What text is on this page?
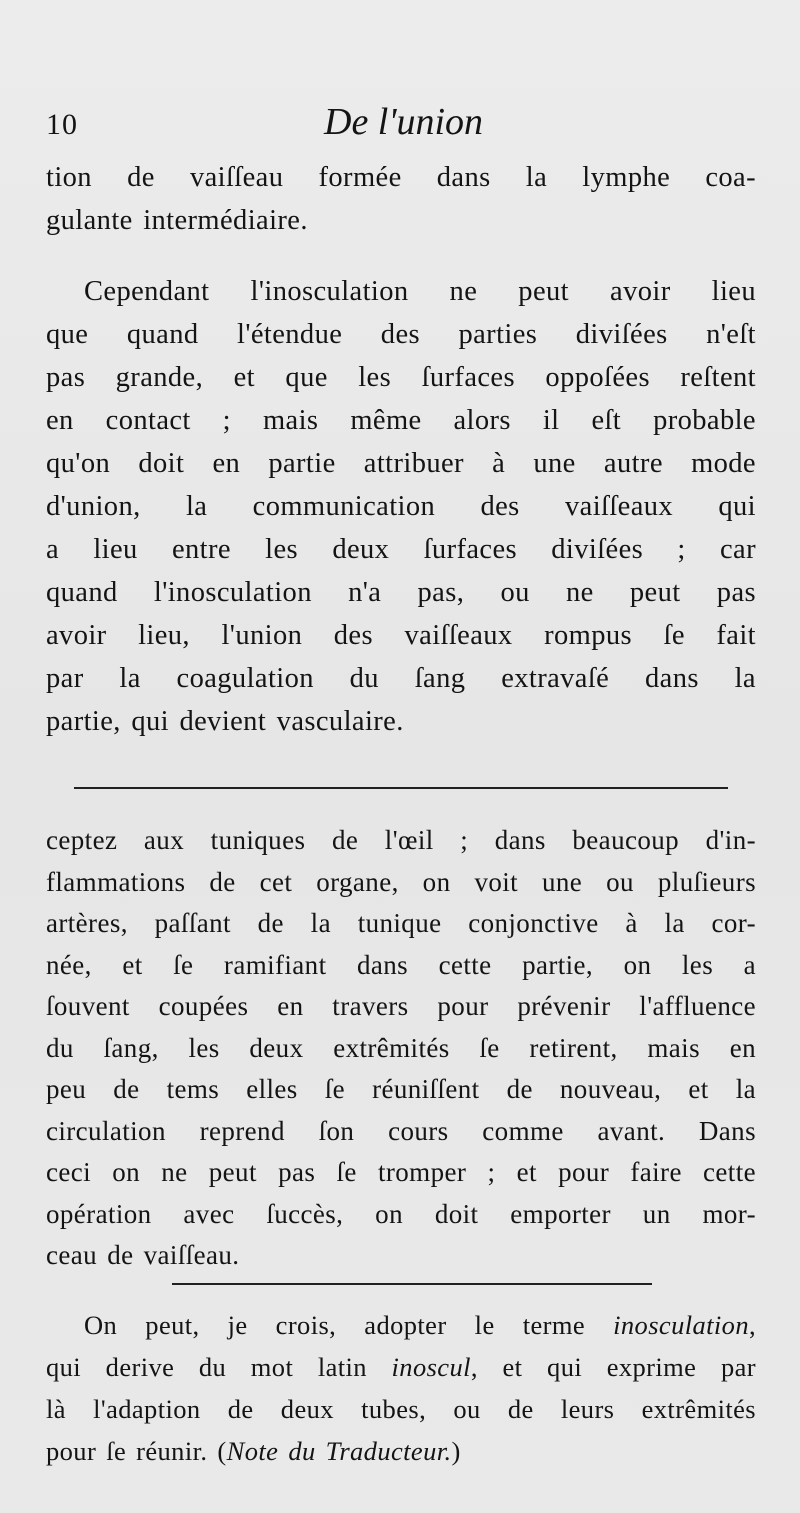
10	De l'union
tion de vaiſſeau formée dans la lymphe coa-
gulante intermédiaire.
Cependant l'inosculation ne peut avoir lieu
que quand l'étendue des parties diviſées n'eſt
pas grande, et que les ſurfaces oppoſées reſtent
en contact ; mais même alors il eſt probable
qu'on doit en partie attribuer à une autre mode
d'union, la communication des vaiſſeaux qui
a lieu entre les deux ſurfaces diviſées ; car
quand l'inosculation n'a pas, ou ne peut pas
avoir lieu, l'union des vaiſſeaux rompus ſe fait
par la coagulation du ſang extravaſé dans la
partie, qui devient vasculaire.
ceptez aux tuniques de l'œil ; dans beaucoup d'in-
flammations de cet organe, on voit une ou pluſieurs
artères, paſſant de la tunique conjonctive à la cor-
née, et ſe ramifiant dans cette partie, on les a
ſouvent coupées en travers pour prévenir l'affluence
du ſang, les deux extrêmités ſe retirent, mais en
peu de tems elles ſe réuniſſent de nouveau, et la
circulation reprend ſon cours comme avant. Dans
ceci on ne peut pas ſe tromper ; et pour faire cette
opération avec ſuccès, on doit emporter un mor-
ceau de vaiſſeau.
On peut, je crois, adopter le terme inosculation,
qui derive du mot latin inoscul, et qui exprime par
là l'adaption de deux tubes, ou de leurs extrêmités
pour ſe réunir. (Note du Traducteur.)
